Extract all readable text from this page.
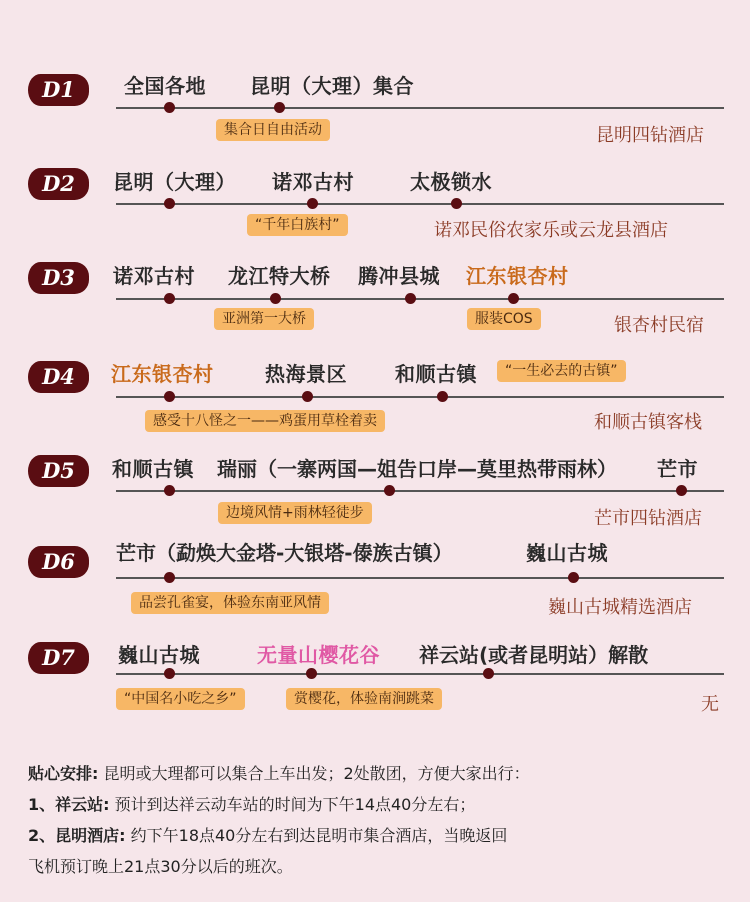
D1	全国各地 昆明（大理）集合
集合日自由活动	昆明四钻酒店
D2	昆明（大理） 诺邓古村	太极锁水
“千年白族村”	诺邓民俗农家乐或云龙县酒店
D3	诺邓古村 龙江特大桥 腾冲县城 江东银杏村
亚洲第一大桥	服装COS	银杏村民宿
D4	江东银杏村	热海景区 和顺古镇	“一生必去的古镇”
感受十八怪之一——鸡蛋用草栓着卖	和顺古镇客栈
D5	和顺古镇 瑞丽（一寨两国—姐告口岸—莫里热带雨林） 芒市
边境风情+雨林轻徒步	芒市四钻酒店
D6	芒市（勐焕大金塔-大银塔-傣族古镇）	巍山古城
品尝孔雀宴，体验东南亚风情	巍山古城精选酒店
D7	巍山古城	无量山樱花谷 祥云站(或者昆明站）解散
“中国名小吃之乡”	赏樱花，体验南涧跳菜	无
贴心安排: 昆明或大理都可以集合上车出发；2处散团，方便大家出行：
1、祥云站: 预计到达祥云动车站的时间为下午14点40分左右；
2、昆明酒店: 约下午18点40分左右到达昆明市集合酒店，当晚返回
飞机预订晚上21点30分以后的班次。
